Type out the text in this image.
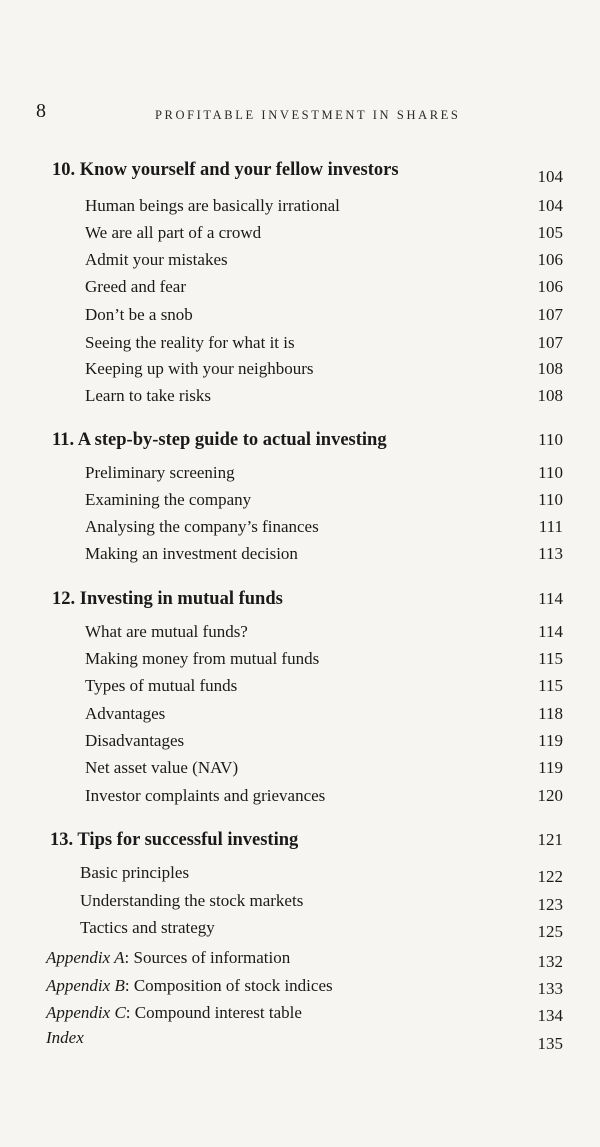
8	PROFITABLE INVESTMENT IN SHARES
10. Know yourself and your fellow investors	104
Human beings are basically irrational	104
We are all part of a crowd	105
Admit your mistakes	106
Greed and fear	106
Don’t be a snob	107
Seeing the reality for what it is	107
Keeping up with your neighbours	108
Learn to take risks	108
11. A step-by-step guide to actual investing	110
Preliminary screening	110
Examining the company	110
Analysing the company’s finances	111
Making an investment decision	113
12. Investing in mutual funds	114
What are mutual funds?	114
Making money from mutual funds	115
Types of mutual funds	115
Advantages	118
Disadvantages	119
Net asset value (NAV)	119
Investor complaints and grievances	120
13. Tips for successful investing	121
Basic principles	122
Understanding the stock markets	123
Tactics and strategy	125
Appendix A: Sources of information	132
Appendix B: Composition of stock indices	133
Appendix C: Compound interest table	134
Index	135
